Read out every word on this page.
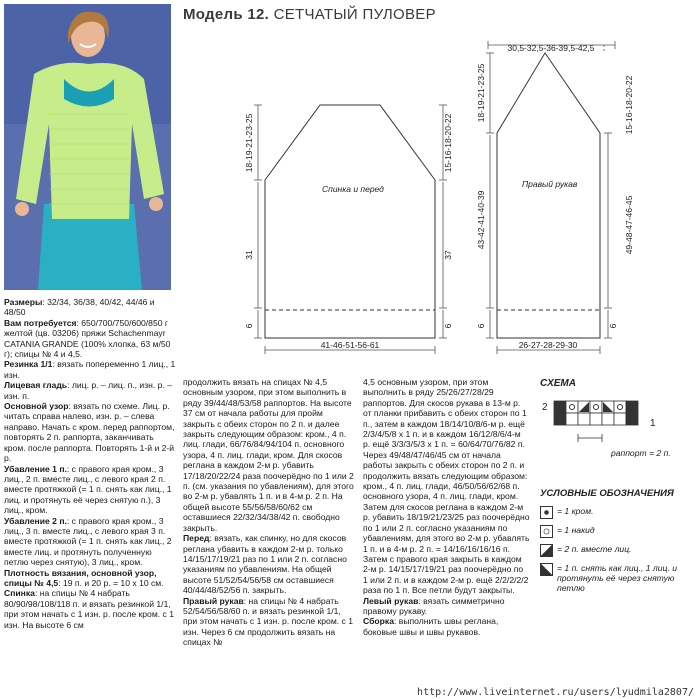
Модель 12. СЕТЧАТЫЙ ПУЛОВЕР
Спинка и перед
18-19-21-23-25
31
6
15-16-18-20-22
37
6
41-46-51-56-61
Правый рукав
30,5-32,5-36-39,5-42,5
18-19-21-23-25
43-42-41-40-39
6
15-16-18-20-22
49-48-47-46-45
6
26-27-28-29-30

Размеры: 32/34, 36/38, 40/42, 44/46 и 48/50

Вам потребуется: 650/700/750/600/850 г желтой (цв. 03206) пряжи Schachenmayr CATANIA GRANDE (100% хлопка, 63 м/50 г); спицы № 4 и 4,5.

Резинка 1/1: вязать попеременно 1 лиц., 1 изн.

Лицевая гладь: лиц. р. – лиц. п., изн. р. – изн. п.

Основной узор: вязать по схеме. Лиц. р. читать справа налево, изн. р. – слева направо. Начать с кром. перед раппортом, повторять 2 п. раппорта, заканчивать кром. после раппорта. Повторять 1-й и 2-й р.

Убавление 1 п.: с правого края кром., 3 лиц., 2 п. вместе лиц., с левого края 2 п. вместе протяжкой (= 1 п. снять как лиц., 1 лиц. и протянуть её через снятую п.), 3 лиц., кром.

Убавление 2 п.: с правого края кром., 3 лиц., 3 п. вместе лиц., с левого края 3 п. вместе протяжкой (= 1 п. снять как лиц., 2 вместе лиц. и протянуть полученную петлю через снятую), 3 лиц., кром.

Плотность вязания, основной узор, спицы № 4,5: 19 п. и 20 р. = 10 х 10 см.

Спинка: на спицы № 4 набрать 80/90/98/108/118 п. и вязать резинкой 1/1, при этом начать с 1 изн. р. после кром. с 1 изн. На высоте 6 см

продолжить вязать на спицах № 4,5 основным узором, при этом выполнить в ряду 39/44/48/53/58 раппортов. На высоте 37 см от начала работы для пройм закрыть с обеих сторон по 2 п. и далее закрыть следующим образом: кром., 4 п. лиц. глади, 66/76/84/94/104 п. основного узора, 4 п. лиц. глади, кром. Для скосов реглана в каждом 2-м р. убавить 17/18/20/22/24 раза поочерёдно по 1 или 2 п. (см. указания по убавлениям), для этого во 2-м р. убавлять 1 п. и в 4-м р. 2 п. На общей высоте 55/56/58/60/62 см оставшиеся 22/32/34/38/42 п. свободно закрыть.

Перед: вязать, как спинку, но для скосов реглана убавить в каждом 2-м р. только 14/15/17/19/21 раз по 1 или 2 п. согласно указаниям по убавлениям. На общей высоте 51/52/54/56/58 см оставшиеся 40/44/48/52/56 п. закрыть.

Правый рукав: на спицы № 4 набрать 52/54/56/58/60 п. и вязать резинкой 1/1, при этом начать с 1 изн. р. после кром. с 1 изн. Через 6 см продолжить вязать на спицах №

4,5 основным узором, при этом выполнить в ряду 25/26/27/28/29 раппортов. Для скосов рукава в 13-м р. от планки прибавить с обеих сторон по 1 п., затем в каждом 18/14/10/8/6-м р. ещё 2/3/4/5/8 х 1 п. и в каждом 16/12/8/6/4-м р. ещё 3/3/3/5/3 х 1 п. = 60/64/70/76/82 п. Через 49/48/47/46/45 см от начала работы закрыть с обеих сторон по 2 п. и продолжить вязать следующим образом: кром., 4 п. лиц. глади, 46/50/56/62/68 п. основного узора, 4 п. лиц. глади, кром. Затем для скосов реглана в каждом 2-м р. убавить 18/19/21/23/25 раз поочерёдно по 1 или 2 п. согласно указаниям по убавлениям, для этого во 2-м р. убавлять 1 п. и в 4-м р. 2 п. = 14/16/16/16/16 п. Затем с правого края закрыть в каждом 2-м р. 14/15/17/19/21 раз поочерёдно по 1 или 2 п. и в каждом 2-м р. ещё 2/2/2/2/2 раза по 1 п. Все петли будут закрыты.

Левый рукав: вязать симметрично правому рукаву.

Сборка: выполнить швы реглана, боковые швы и швы рукавов.

СХЕМА
2
1
раппорт = 2 п.
УСЛОВНЫЕ ОБОЗНАЧЕНИЯ
= 1 кром.
= 1 накид
= 2 п. вместе лиц.
= 1 п. снять как лиц., 1 лиц. и протянуть её через снятую петлю
http://www.liveinternet.ru/users/lyudmila2807/
